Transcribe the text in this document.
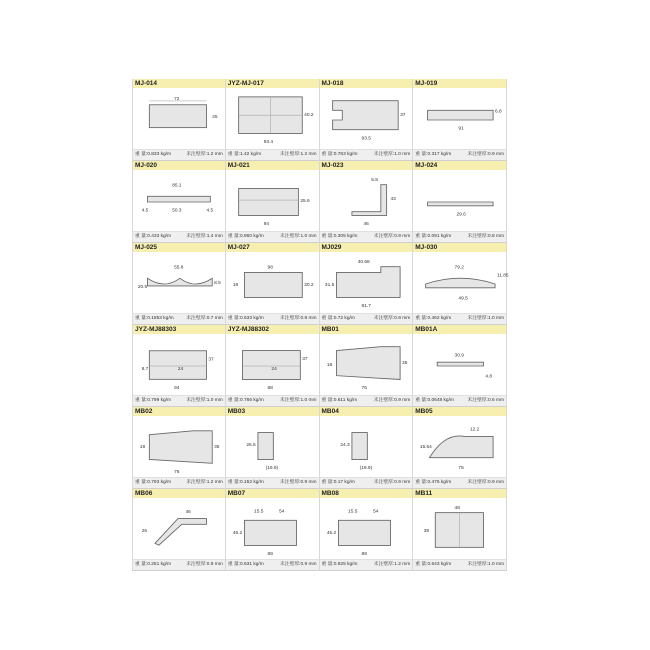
MJ-014
72
25
重 量:0.833 kg/m	未注壁厚:1.2 mm
JYZ-MJ-017
40.2
93.4
重 量:1.42 kg/m	未注壁厚:1.2 mm
MJ-018
37
93.5
重 量:0.763 kg/m	未注壁厚:1.0 mm
MJ-019
6.8
91
重 量:0.317 kg/m	未注壁厚:0.9 mm
MJ-020
85.1
4.5	50.3	4.5
重 量:0.433 kg/m	未注壁厚:1.4 mm
MJ-021
25.6
94
重 量:0.860 kg/m	未注壁厚:1.0 mm
MJ-023
5.8
43
46
重 量:0.305 kg/m	未注壁厚:0.9 mm
MJ-024
29.6
重 量:0.091 kg/m	未注壁厚:0.8 mm
MJ-025
55.8
20.5
8.5
重 量:0.1853 kg/m	未注壁厚:0.7 mm
MJ-027
98
18	30.2
重 量:0.633 kg/m	未注壁厚:0.8 mm
MJ029
40.68
31.5
81.7
重 量:0.72 kg/m	未注壁厚:0.9 mm
MJ-030
79.2
11.85
49.5
重 量:0.462 kg/m	未注壁厚:1.0 mm
JYZ-MJ88303
37
8.7	24
94
重 量:0.799 kg/m	未注壁厚:1.0 mm
JYZ-MJ88302
37
24
88
重 量:0.766 kg/m	未注壁厚:1.0 mm
MB01
18	35
76
重 量:0.611 kg/m	未注壁厚:0.9 mm
MB01A
30.9
4.8
重 量:0.0648 kg/m	未注壁厚:0.6 mm
MB02
18	35
76
重 量:0.793 kg/m	未注壁厚:1.2 mm
MB03
26.5
(19.9)
重 量:0.152 kg/m	未注壁厚:0.9 mm
MB04
24.3
(19.9)
重 量:0.17 kg/m	未注壁厚:0.9 mm
MB05
12.2
15.64
75
重 量:0.476 kg/m	未注壁厚:0.9 mm
MB06
46
26
重 量:0.251 kg/m	未注壁厚:0.9 mm
MB07
15.5	54
46.2
89
重 量:0.631 kg/m	未注壁厚:0.9 mm
MB08
15.5	54
46.2
88
重 量:0.825 kg/m	未注壁厚:1.2 mm
MB11
48
39
重 量:0.643 kg/m	未注壁厚:1.0 mm
